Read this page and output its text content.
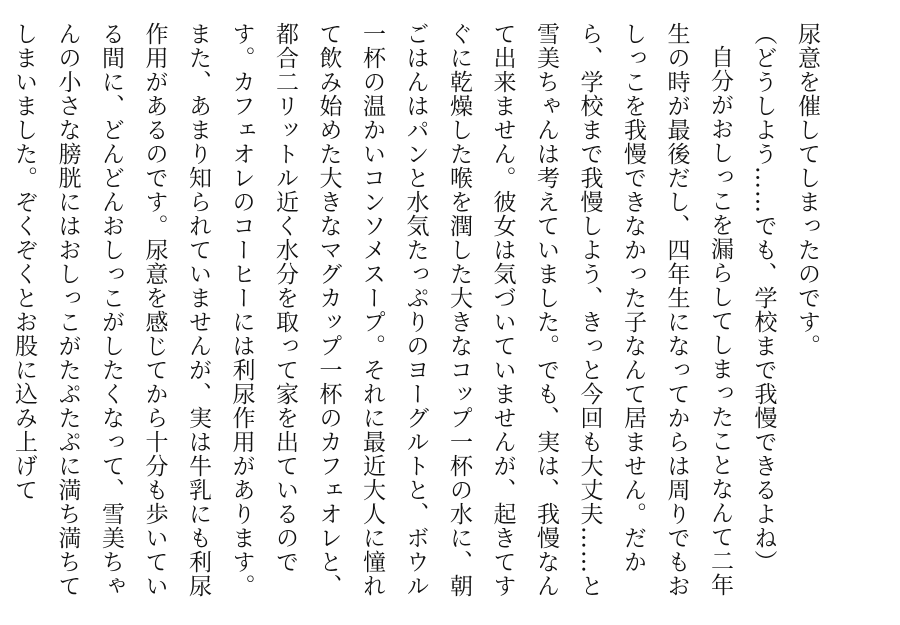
尿意を催してしまったのです。

（どうしよう……でも、学校まで我慢できるよね）

自分がおしっこを漏らしてしまったことなんて二年生の時が最後だし、四年生になってからは周りでもおしっこを我慢できなかった子なんて居ません。だから、学校まで我慢しよう、きっと今回も大丈夫……と雪美ちゃんは考えていました。でも、実は、我慢なんて出来ません。彼女は気づいていませんが、起きてすぐに乾燥した喉を潤した大きなコップ一杯の水に、朝ごはんはパンと水気たっぷりのヨーグルトと、ボウル一杯の温かいコンソメスープ。それに最近大人に憧れて飲み始めた大きなマグカップ一杯のカフェオレと、都合二リットル近く水分を取って家を出ているのです。カフェオレのコーヒーには利尿作用があります。また、あまり知られていませんが、実は牛乳にも利尿作用があるのです。尿意を感じてから十分も歩いている間に、どんどんおしっこがしたくなって、雪美ちゃんの小さな膀胱にはおしっこがたぷたぷに満ち満ちてしまいました。ぞくぞくとお股に込み上げて
